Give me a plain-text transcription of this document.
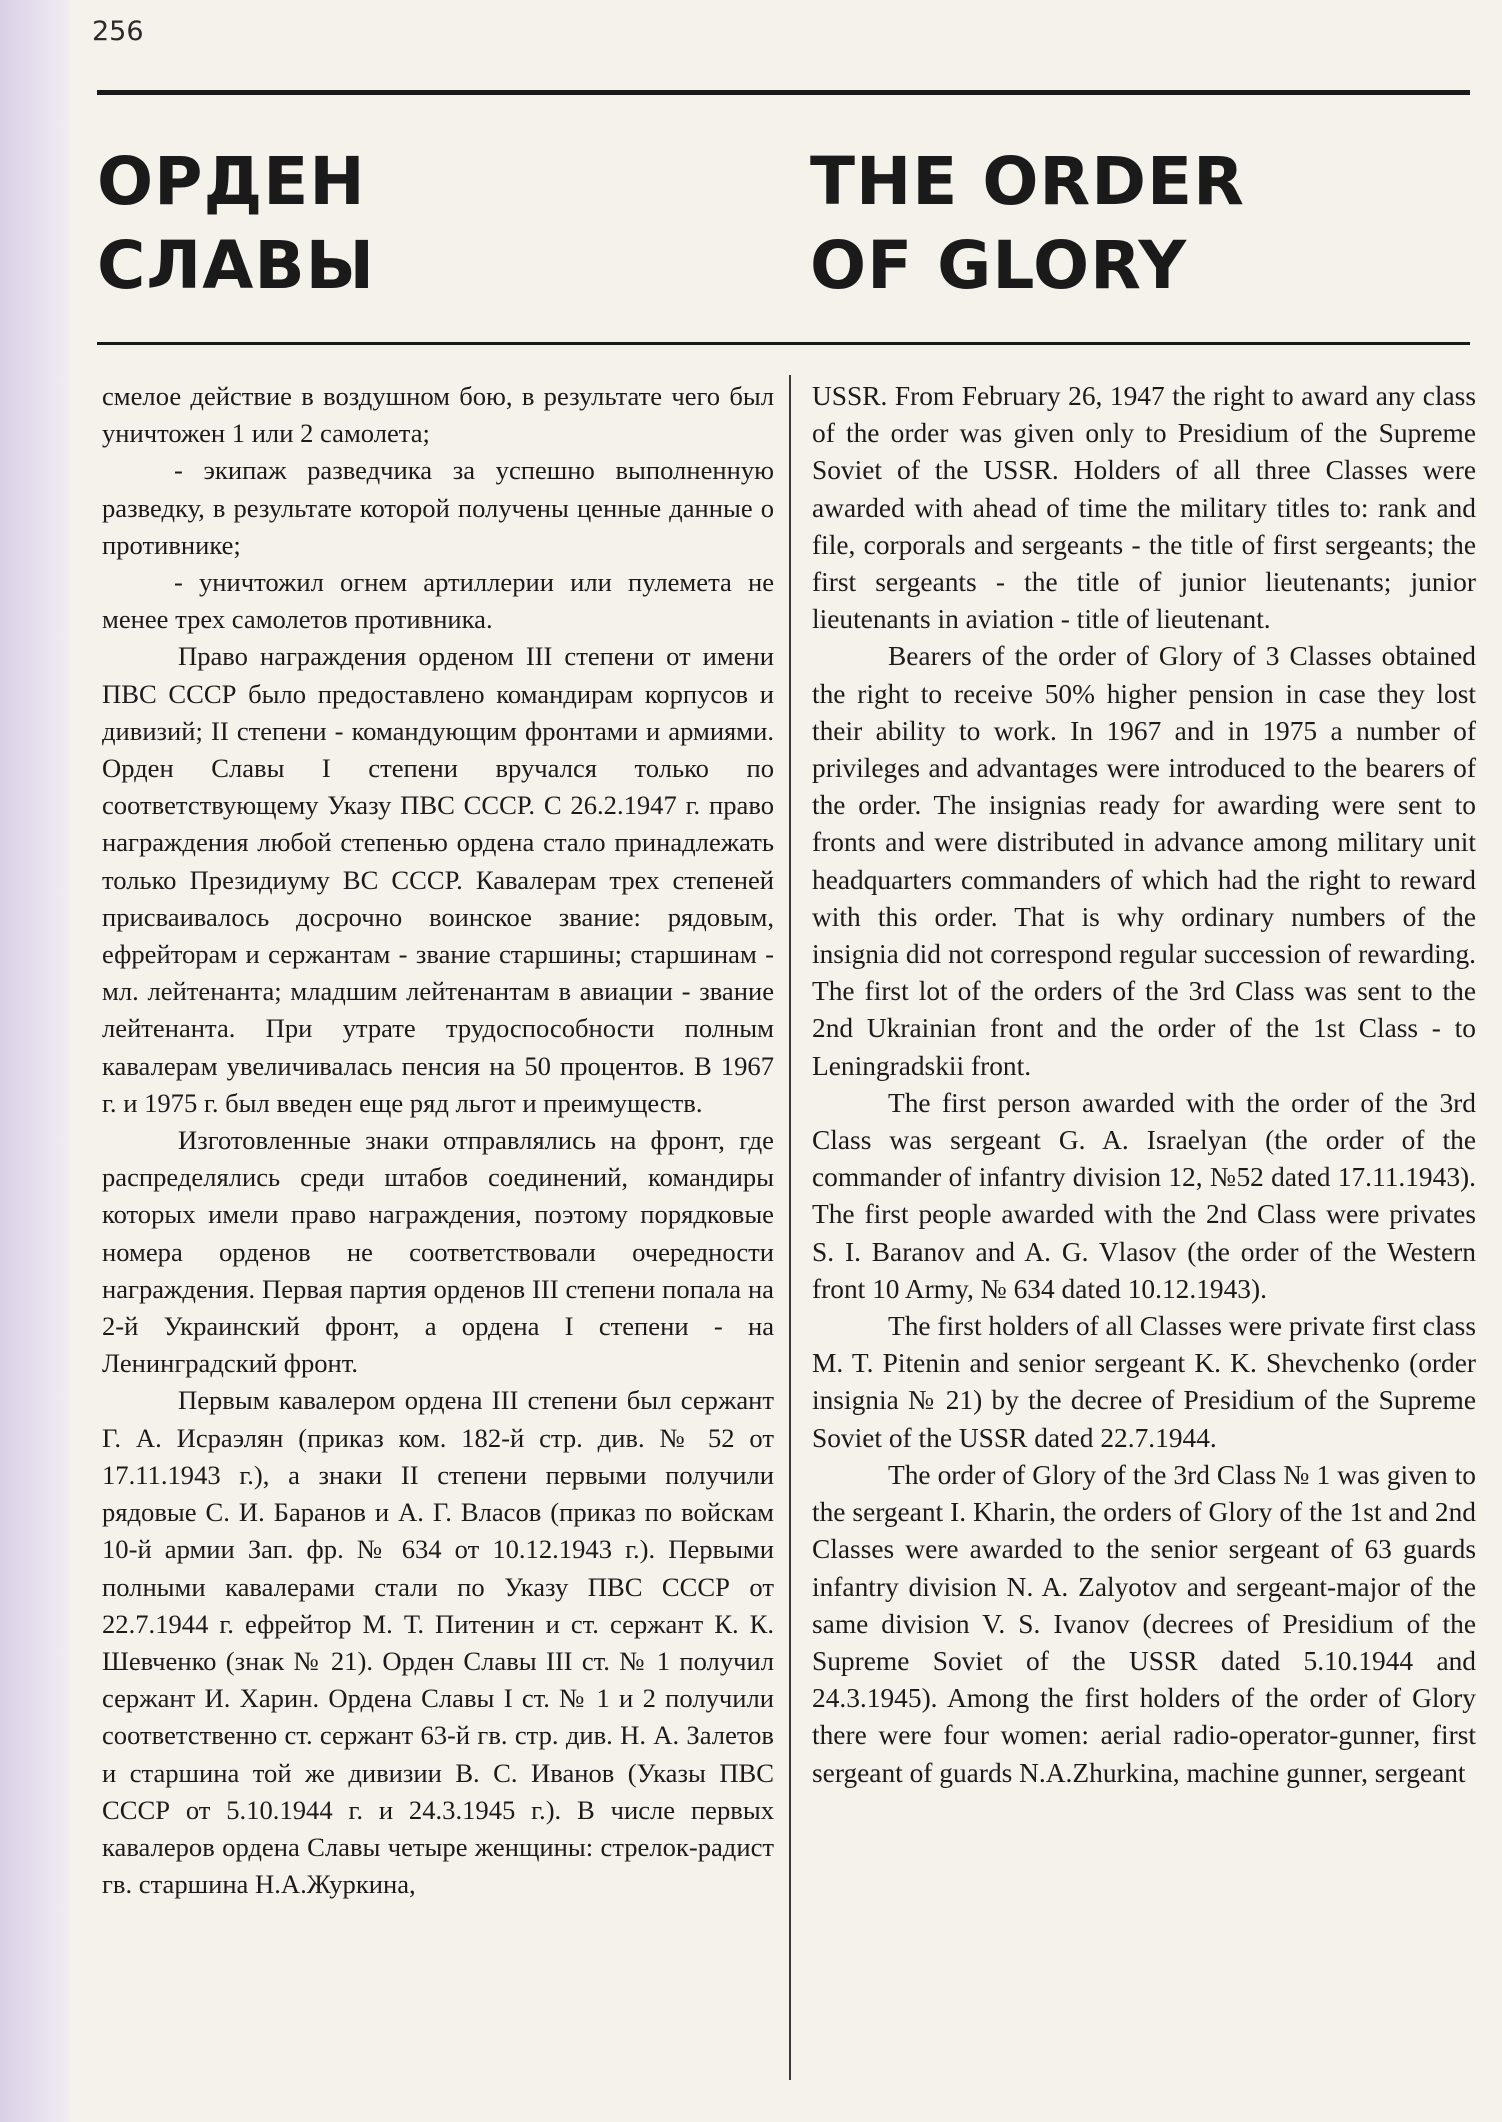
256
ОРДЕН
СЛАВЫ
THE ORDER
OF GLORY

смелое действие в воздушном бою, в результате чего был уничтожен 1 или 2 самолета;

- экипаж разведчика за успешно выполненную разведку, в результате которой получены ценные данные о противнике;

- уничтожил огнем артиллерии или пулемета не менее трех самолетов противника.

Право награждения орденом III степени от имени ПВС СССР было предоставлено командирам корпусов и дивизий; II степени - командующим фронтами и армиями. Орден Славы I степени вручался только по соответствующему Указу ПВС СССР. С 26.2.1947 г. право награждения любой степенью ордена стало принадлежать только Президиуму ВС СССР. Кавалерам трех степеней присваивалось досрочно воинское звание: рядовым, ефрейторам и сержантам - звание старшины; старшинам - мл. лейтенанта; младшим лейтенантам в авиации - звание лейтенанта. При утрате трудоспособности полным кавалерам увеличивалась пенсия на 50 процентов. В 1967 г. и 1975 г. был введен еще ряд льгот и преимуществ.

Изготовленные знаки отправлялись на фронт, где распределялись среди штабов соединений, командиры которых имели право награждения, поэтому порядковые номера орденов не соответствовали очередности награждения. Первая партия орденов III степени попала на 2-й Украинский фронт, а ордена I степени - на Ленинградский фронт.

Первым кавалером ордена III степени был сержант Г. А. Исраэлян (приказ ком. 182-й стр. див. № 52 от 17.11.1943 г.), а знаки II степени первыми получили рядовые С. И. Баранов и А. Г. Власов (приказ по войскам 10-й армии Зап. фр. № 634 от 10.12.1943 г.). Первыми полными кавалерами стали по Указу ПВС СССР от 22.7.1944 г. ефрейтор М. Т. Питенин и ст. сержант К. К. Шевченко (знак № 21). Орден Славы III ст. № 1 получил сержант И. Харин. Ордена Славы I ст. № 1 и 2 получили соответственно ст. сержант 63-й гв. стр. див. Н. А. Залетов и старшина той же дивизии В. С. Иванов (Указы ПВС СССР от 5.10.1944 г. и 24.3.1945 г.). В числе первых кавалеров ордена Славы четыре женщины: стрелок-радист гв. старшина Н.А.Журкина,

USSR. From February 26, 1947 the right to award any class of the order was given only to Presidium of the Supreme Soviet of the USSR. Holders of all three Classes were awarded with ahead of time the military titles to: rank and file, corporals and sergeants - the title of first sergeants; the first sergeants - the title of junior lieutenants; junior lieutenants in aviation - title of lieutenant.

Bearers of the order of Glory of 3 Classes obtained the right to receive 50% higher pension in case they lost their ability to work. In 1967 and in 1975 a number of privileges and advantages were introduced to the bearers of the order. The insignias ready for awarding were sent to fronts and were distributed in advance among military unit headquarters commanders of which had the right to reward with this order. That is why ordinary numbers of the insignia did not correspond regular succession of rewarding. The first lot of the orders of the 3rd Class was sent to the 2nd Ukrainian front and the order of the 1st Class - to Leningradskii front.

The first person awarded with the order of the 3rd Class was sergeant G. A. Israelyan (the order of the commander of infantry division 12, №52 dated 17.11.1943). The first people awarded with the 2nd Class were privates S. I. Baranov and A. G. Vlasov (the order of the Western front 10 Army, № 634 dated 10.12.1943).

The first holders of all Classes were private first class M. T. Pitenin and senior sergeant K. K. Shevchenko (order insignia № 21) by the decree of Presidium of the Supreme Soviet of the USSR dated 22.7.1944.

The order of Glory of the 3rd Class № 1 was given to the sergeant I. Kharin, the orders of Glory of the 1st and 2nd Classes were awarded to the senior sergeant of 63 guards infantry division N. A. Zalyotov and sergeant-major of the same division V. S. Ivanov (decrees of Presidium of the Supreme Soviet of the USSR dated 5.10.1944 and 24.3.1945). Among the first holders of the order of Glory there were four women: aerial radio-operator-gunner, first sergeant of guards N.A.Zhurkina, machine gunner, sergeant
